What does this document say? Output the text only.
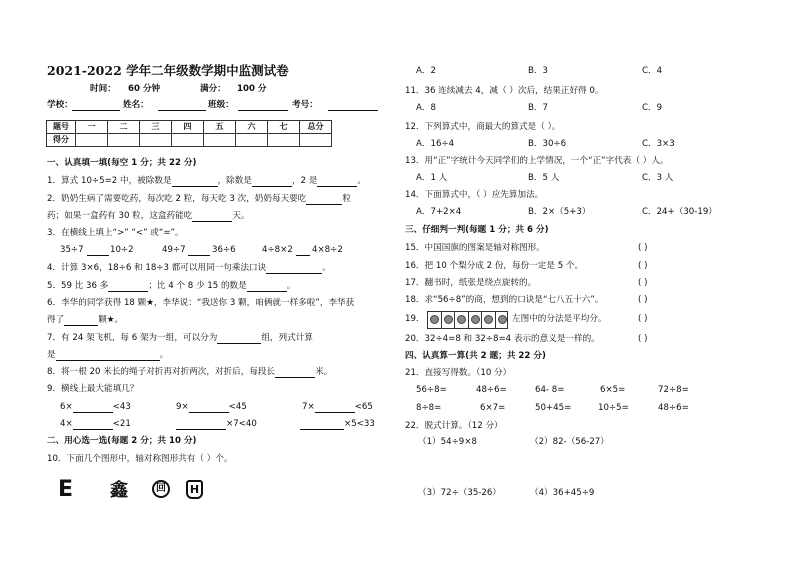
2021-2022 学年二年级数学期中监测试卷
时间： 60 分钟	满分： 100 分
学校：	姓名：	班级：	考号：
题号	一	二	三	四	五	六	七	总分
得分								
一、认真填一填(每空 1 分；共 22 分)
1．算式 10÷5=2 中，被除数是	，除数是	，2 是	。
2．奶奶生病了需要吃药，每次吃 2 粒，每天吃 3 次，奶奶每天要吃	粒
药；如果一盒药有 30 粒，这盒药能吃	天。
3．在横线上填上“>” “<” 或“=”。
35÷7	10÷2	49÷7	36÷6	4÷8×2 4×8÷2
4．计算 3×6，18÷6 和 18÷3 都可以用同一句乘法口诀	。
5．59 比 36 多	；比 4 个 8 少 15 的数是	。
6．李华的同学获得 18 颗★，李华说：“我送你 3 颗，咱俩就一样多啦”，李华获
得了	颗★。
7．有 24 架飞机，每 6 架为一组，可以分为	组，列式计算
是	。
8．将一根 20 米长的绳子对折再对折两次，对折后，每段长	米。
9．横线上最大能填几？
6×	<43	9×	<45	7×	<65
4×	<21	×7<40	×5<33
二、用心选一选(每题 2 分；共 10 分)
10．下面几个图形中，轴对称图形共有（ ）个。
E 鑫	回	H
A．2	B．3	C．4
11．36 连续减去 4，减（ ）次后，结果正好得 0。
A．8	B．7	C．9
12．下列算式中，商最大的算式是（ ）。
A．16÷4	B．30÷6	C．3×3
13．用“正”字统计今天同学们的上学情况，一个“正”字代表（ ）人。
A．1 人	B．5 人	C．3 人
14．下面算式中，（ ）应先算加法。
A．7+2×4	B．2×（5+3）	C．24+（30-19）
三、仔细判一判(每题 1 分；共 6 分)
15．中国国旗的图案是轴对称图形。	( )
16．把 10 个梨分成 2 份，每份一定是 5 个。	( )
17．翻书时，纸张是绕点旋转的。	( )
18．求“56÷8”的商，想到的口诀是“七八五十六”。	( )
19．	左图中的分法是平均分。	( )
20．32÷4=8 和 32÷8=4 表示的意义是一样的。	( )
四、认真算一算(共 2 题；共 22 分)
21．直接写得数。（10 分）
56÷8=	48÷6=	64- 8=	6×5=	72÷8=
8÷8=	6×7=	50+45=	10÷5=	48÷6=
22．脱式计算。（12 分）
（1）54÷9×8	（2）82-（56-27）
（3）72÷（35-26）	（4）36+45÷9
